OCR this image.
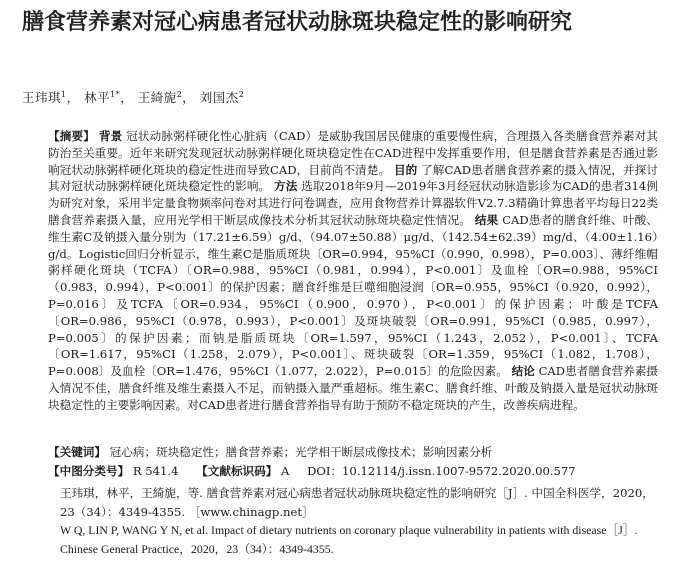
膳食营养素对冠心病患者冠状动脉斑块稳定性的影响研究
王玮琪$^1$， 林平$^{1*}$， 王綺旎$^2$， 刘国杰$^2$
【摘要】 背景 冠状动脉粥样硬化性心脏病（CAD）是威胁我国居民健康的重要慢性病，合理摄入各类膳食营养素对其防治至关重要。近年来研究发现冠状动脉粥样硬化斑块稳定性在CAD进程中发挥重要作用，但是膳食营养素是否通过影响冠状动脉粥样硬化斑块的稳定性进而导致CAD，目前尚不清楚。 目的 了解CAD患者膳食营养素的摄入情况，并探讨其对冠状动脉粥样硬化斑块稳定性的影响。 方法 选取2018年9月—2019年3月经冠状动脉造影诊为CAD的患者314例为研究对象，采用半定量食物频率问卷对其进行问卷调查，应用食物营养计算器软件V2.7.3精确计算患者平均每日22类膳食营养素摄入量，应用光学相干断层成像技术分析其冠状动脉斑块稳定性情况。 结果 CAD患者的膳食纤维、叶酸、维生素C及钠摄入量分别为（17.21±6.59）g/d、（94.07±50.88）μg/d、（142.54±62.39）mg/d、（4.00±1.16）g/d。Logistic回归分析显示，维生素C是脂质斑块〔OR=0.994，95%CI（0.990，0.998），P=0.003〕、薄纤维帽粥样硬化斑块（TCFA）〔OR=0.988，95%CI（0.981，0.994），P<0.001〕及血栓〔OR=0.988，95%CI（0.983，0.994），P<0.001〕的保护因素；膳食纤维是巨噬细胞浸润〔OR=0.955，95%CI（0.920，0.992），P=0.016〕及TCFA〔OR=0.934，95%CI（0.900，0.970），P<0.001〕的保护因素；叶酸是TCFA〔OR=0.986，95%CI（0.978，0.993），P<0.001〕及斑块破裂〔OR=0.991，95%CI（0.985，0.997），P=0.005〕的保护因素；而钠是脂质斑块〔OR=1.597，95%CI（1.243，2.052），P<0.001〕、TCFA〔OR=1.617，95%CI（1.258，2.079），P<0.001〕、斑块破裂〔OR=1.359，95%CI（1.082，1.708），P=0.008〕及血栓〔OR=1.476，95%CI（1.077，2.022），P=0.015〕的危险因素。 结论 CAD患者膳食营养素摄入情况不佳，膳食纤维及维生素摄入不足，而钠摄入量严重超标。维生素C、膳食纤维、叶酸及钠摄入量是冠状动脉斑块稳定性的主要影响因素。对CAD患者进行膳食营养指导有助于预防不稳定斑块的产生，改善疾病进程。
【关键词】 冠心病；斑块稳定性；膳食营养素；光学相干断层成像技术；影响因素分析
【中图分类号】 R 541.4 【文献标识码】 A DOI：10.12114/j.issn.1007-9572.2020.00.577
王玮琪，林平，王綺旎，等. 膳食营养素对冠心病患者冠状动脉斑块稳定性的影响研究［J］. 中国全科医学，2020，23（34）：4349-4355. ［www.chinagp.net］
W Q, LIN P, WANG Y N, et al. Impact of dietary nutrients on coronary plaque vulnerability in patients with disease［J］. Chinese General Practice，2020，23（34）：4349-4355.
